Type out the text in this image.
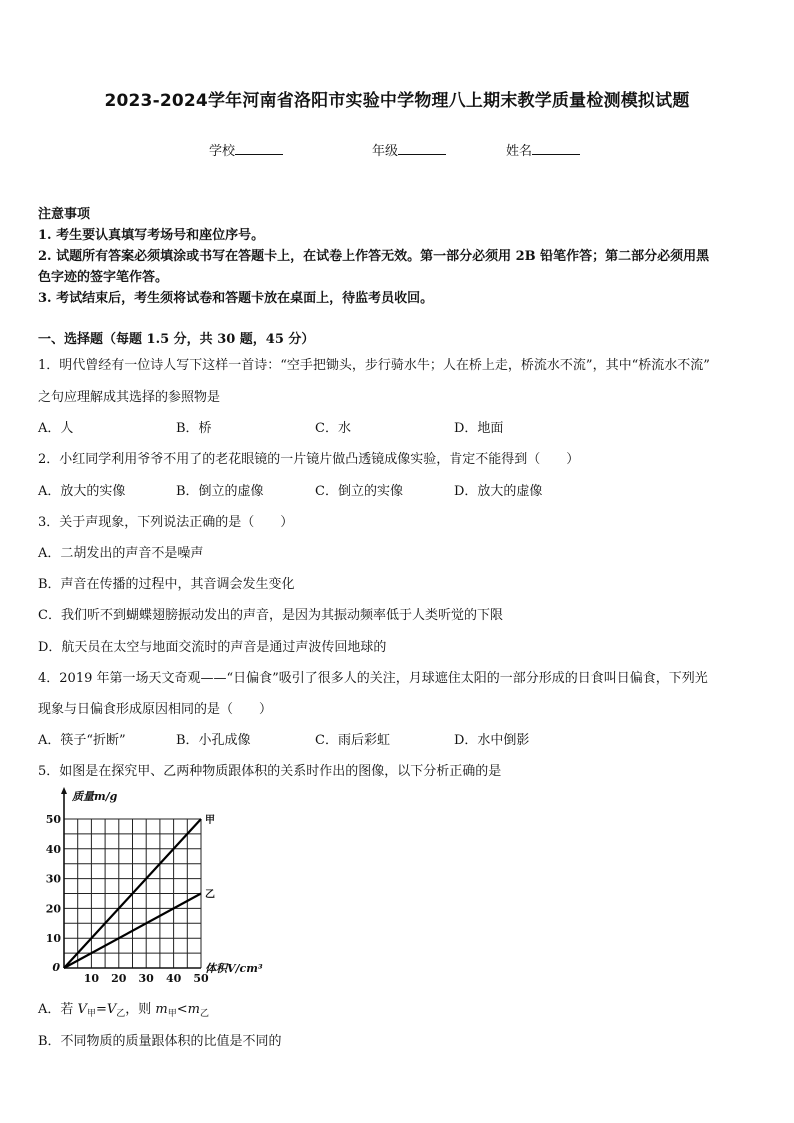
2023-2024学年河南省洛阳市实验中学物理八上期末教学质量检测模拟试题
学校	年级	姓名
注意事项
1. 考生要认真填写考场号和座位序号。
2. 试题所有答案必须填涂或书写在答题卡上，在试卷上作答无效。第一部分必须用 2B 铅笔作答；第二部分必须用黑
色字迹的签字笔作答。
3. 考试结束后，考生须将试卷和答题卡放在桌面上，待监考员收回。
一、选择题（每题 1.5 分，共 30 题，45 分）
1．明代曾经有一位诗人写下这样一首诗：“空手把锄头，步行骑水牛；人在桥上走，桥流水不流”，其中“桥流水不流”
之句应理解成其选择的参照物是
A．人	B．桥	C．水	D．地面
2．小红同学利用爷爷不用了的老花眼镜的一片镜片做凸透镜成像实验，肯定不能得到（　　）
A．放大的实像	B．倒立的虚像	C．倒立的实像	D．放大的虚像
3．关于声现象，下列说法正确的是（　　）
A．二胡发出的声音不是噪声
B．声音在传播的过程中，其音调会发生变化
C．我们听不到蝴蝶翅膀振动发出的声音，是因为其振动频率低于人类听觉的下限
D．航天员在太空与地面交流时的声音是通过声波传回地球的
4．2019 年第一场天文奇观——“日偏食”吸引了很多人的关注，月球遮住太阳的一部分形成的日食叫日偏食，下列光
现象与日偏食形成原因相同的是（　　）
A．筷子“折断”	B．小孔成像	C．雨后彩虹	D．水中倒影
5．如图是在探究甲、乙两种物质跟体积的关系时作出的图像，以下分析正确的是
质量m/g
体积V/cm³
0
10 20 30 40 50
10
20
30
40
50	甲
乙
A．若 $V_甲=V_乙$，则 $m_甲<m_乙$
B．不同物质的质量跟体积的比值是不同的
